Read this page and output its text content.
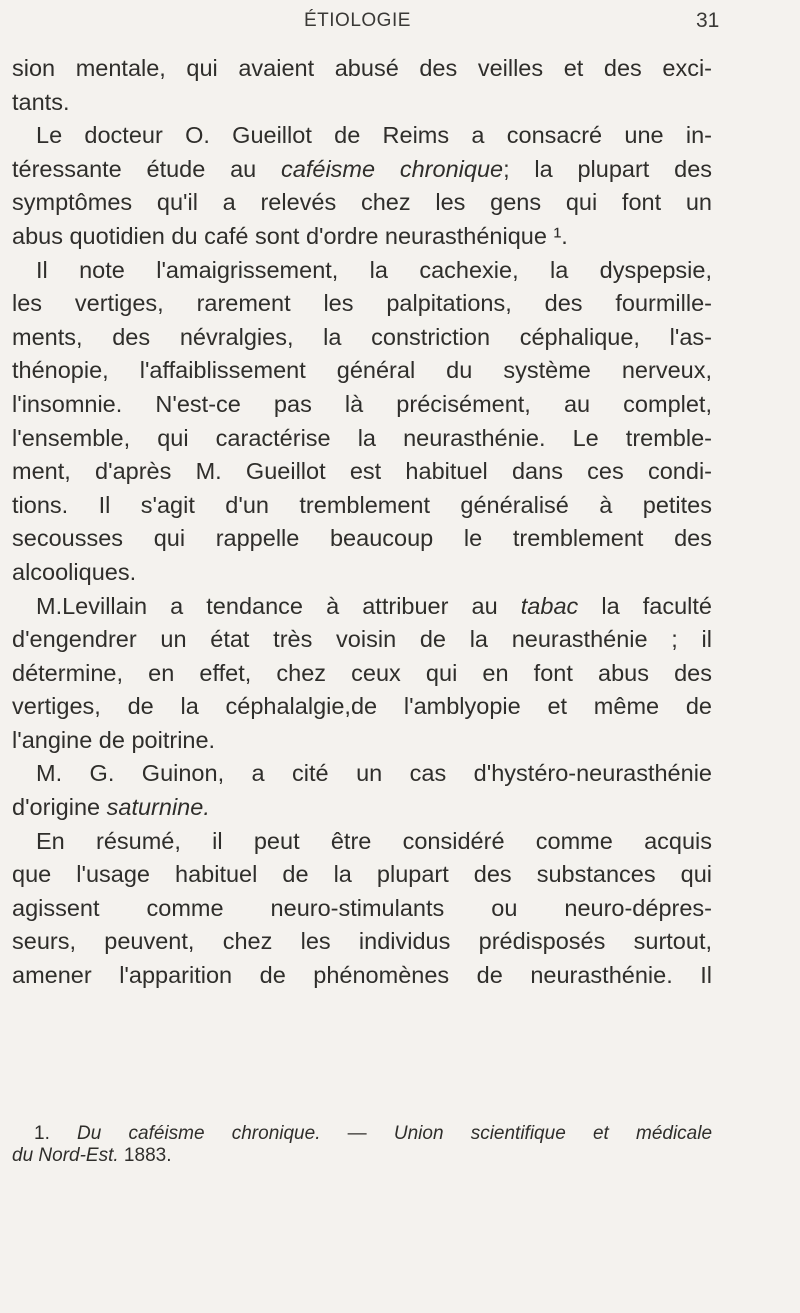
ÉTIOLOGIE	31
sion mentale, qui avaient abusé des veilles et des exci-
tants.
Le docteur O. Gueillot de Reims a consacré une in-
téressante étude au caféisme chronique; la plupart des
symptômes qu'il a relevés chez les gens qui font un
abus quotidien du café sont d'ordre neurasthénique ¹.
Il note l'amaigrissement, la cachexie, la dyspepsie,
les vertiges, rarement les palpitations, des fourmille-
ments, des névralgies, la constriction céphalique, l'as-
thénopie, l'affaiblissement général du système nerveux,
l'insomnie. N'est-ce pas là précisément, au complet,
l'ensemble, qui caractérise la neurasthénie. Le tremble-
ment, d'après M. Gueillot est habituel dans ces condi-
tions. Il s'agit d'un tremblement généralisé à petites
secousses qui rappelle beaucoup le tremblement des
alcooliques.
M.Levillain a tendance à attribuer au tabac la faculté
d'engendrer un état très voisin de la neurasthénie ; il
détermine, en effet, chez ceux qui en font abus des
vertiges, de la céphalalgie,de l'amblyopie et même de
l'angine de poitrine.
M. G. Guinon, a cité un cas d'hystéro-neurasthénie
d'origine saturnine.
En résumé, il peut être considéré comme acquis
que l'usage habituel de la plupart des substances qui
agissent comme neuro-stimulants ou neuro-dépres-
seurs, peuvent, chez les individus prédisposés surtout,
amener l'apparition de phénomènes de neurasthénie. Il
1. Du caféisme chronique. — Union scientifique et médicale
du Nord-Est. 1883.
